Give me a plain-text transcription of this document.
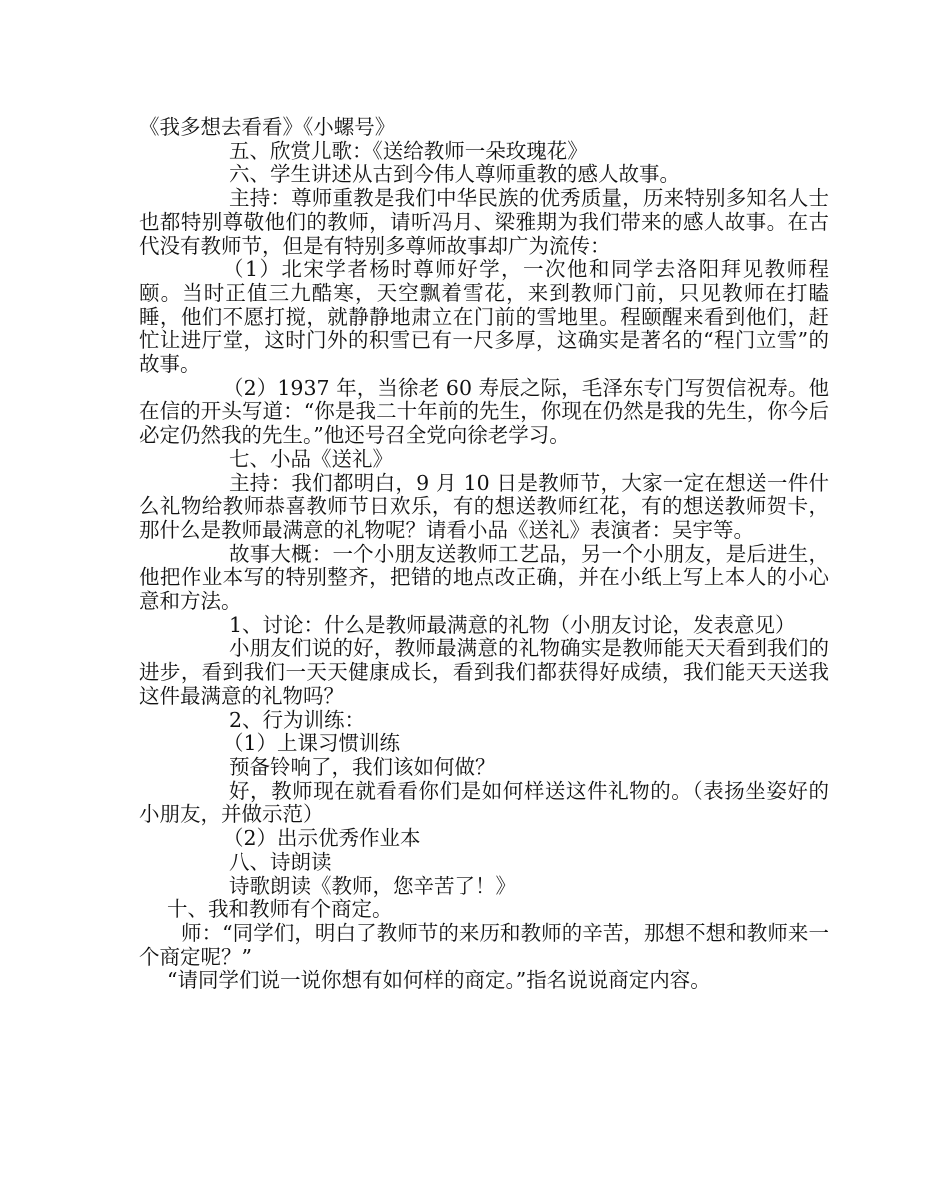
《我多想去看看》《小螺号》

五、欣赏儿歌：《送给教师一朵玫瑰花》

六、学生讲述从古到今伟人尊师重教的感人故事。

主持：尊师重教是我们中华民族的优秀质量，历来特别多知名人士也都特别尊敬他们的教师，请听冯月、梁雅期为我们带来的感人故事。在古代没有教师节，但是有特别多尊师故事却广为流传：

（1）北宋学者杨时尊师好学，一次他和同学去洛阳拜见教师程颐。当时正值三九酷寒，天空飘着雪花，来到教师门前，只见教师在打瞌睡，他们不愿打搅，就静静地肃立在门前的雪地里。程颐醒来看到他们，赶忙让进厅堂，这时门外的积雪已有一尺多厚，这确实是著名的“程门立雪”的故事。

（2）1937 年，当徐老 60 寿辰之际，毛泽东专门写贺信祝寿。他在信的开头写道：“你是我二十年前的先生，你现在仍然是我的先生，你今后必定仍然我的先生。”他还号召全党向徐老学习。

七、小品《送礼》

主持：我们都明白，9 月 10 日是教师节，大家一定在想送一件什么礼物给教师恭喜教师节日欢乐，有的想送教师红花，有的想送教师贺卡，那什么是教师最满意的礼物呢？请看小品《送礼》表演者：吴宇等。

故事大概：一个小朋友送教师工艺品，另一个小朋友，是后进生，他把作业本写的特别整齐，把错的地点改正确，并在小纸上写上本人的小心意和方法。

1、讨论：什么是教师最满意的礼物（小朋友讨论，发表意见）

小朋友们说的好，教师最满意的礼物确实是教师能天天看到我们的进步，看到我们一天天健康成长，看到我们都获得好成绩，我们能天天送我这件最满意的礼物吗？

2、行为训练：

（1）上课习惯训练

预备铃响了，我们该如何做？

好，教师现在就看看你们是如何样送这件礼物的。（表扬坐姿好的小朋友，并做示范）

（2）出示优秀作业本

八、诗朗读

诗歌朗读《教师，您辛苦了！》

十、我和教师有个商定。

师：“同学们，明白了教师节的来历和教师的辛苦，那想不想和教师来一个商定呢？”

“请同学们说一说你想有如何样的商定。”指名说说商定内容。
